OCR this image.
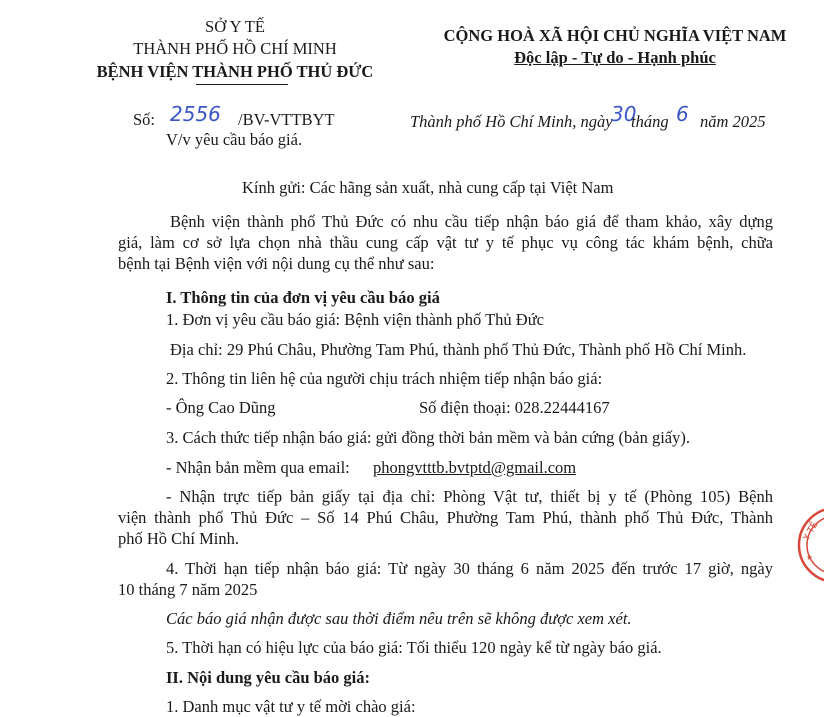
SỞ Y TẾ
THÀNH PHỐ HỒ CHÍ MINH
BỆNH VIỆN THÀNH PHỐ THỦ ĐỨC
CỘNG HOÀ XÃ HỘI CHỦ NGHĨA VIỆT NAM
Độc lập - Tự do - Hạnh phúc
Số: 2556 /BV-VTTBYT
V/v yêu cầu báo giá.
Thành phố Hồ Chí Minh, ngày
30
tháng 6 năm 2025
Kính gửi: Các hãng sản xuất, nhà cung cấp tại Việt Nam
Bệnh viện thành phố Thủ Đức có nhu cầu tiếp nhận báo giá để tham khảo, xây dựng
giá, làm cơ sở lựa chọn nhà thầu cung cấp vật tư y tế phục vụ công tác khám bệnh, chữa
bệnh tại Bệnh viện với nội dung cụ thể như sau:
I. Thông tin của đơn vị yêu cầu báo giá
1. Đơn vị yêu cầu báo giá: Bệnh viện thành phố Thủ Đức
Địa chỉ: 29 Phú Châu, Phường Tam Phú, thành phố Thủ Đức, Thành phố Hồ Chí Minh.
2. Thông tin liên hệ của người chịu trách nhiệm tiếp nhận báo giá:
- Ông Cao Dũng	Số điện thoại: 028.22444167
3. Cách thức tiếp nhận báo giá: gửi đồng thời bản mềm và bản cứng (bản giấy).
- Nhận bản mềm qua email: phongvtttb.bvtptd@gmail.com
- Nhận trực tiếp bản giấy tại địa chỉ: Phòng Vật tư, thiết bị y tế (Phòng 105) Bệnh
viện thành phố Thủ Đức – Số 14 Phú Châu, Phường Tam Phú, thành phố Thủ Đức, Thành
phố Hồ Chí Minh.
4. Thời hạn tiếp nhận báo giá: Từ ngày 30 tháng 6 năm 2025 đến trước 17 giờ, ngày
10 tháng 7 năm 2025
Các báo giá nhận được sau thời điểm nêu trên sẽ không được xem xét.
5. Thời hạn có hiệu lực của báo giá: Tối thiểu 120 ngày kể từ ngày báo giá.
II. Nội dung yêu cầu báo giá:
1. Danh mục vật tư y tế mời chào giá:
Y TẾ
★
